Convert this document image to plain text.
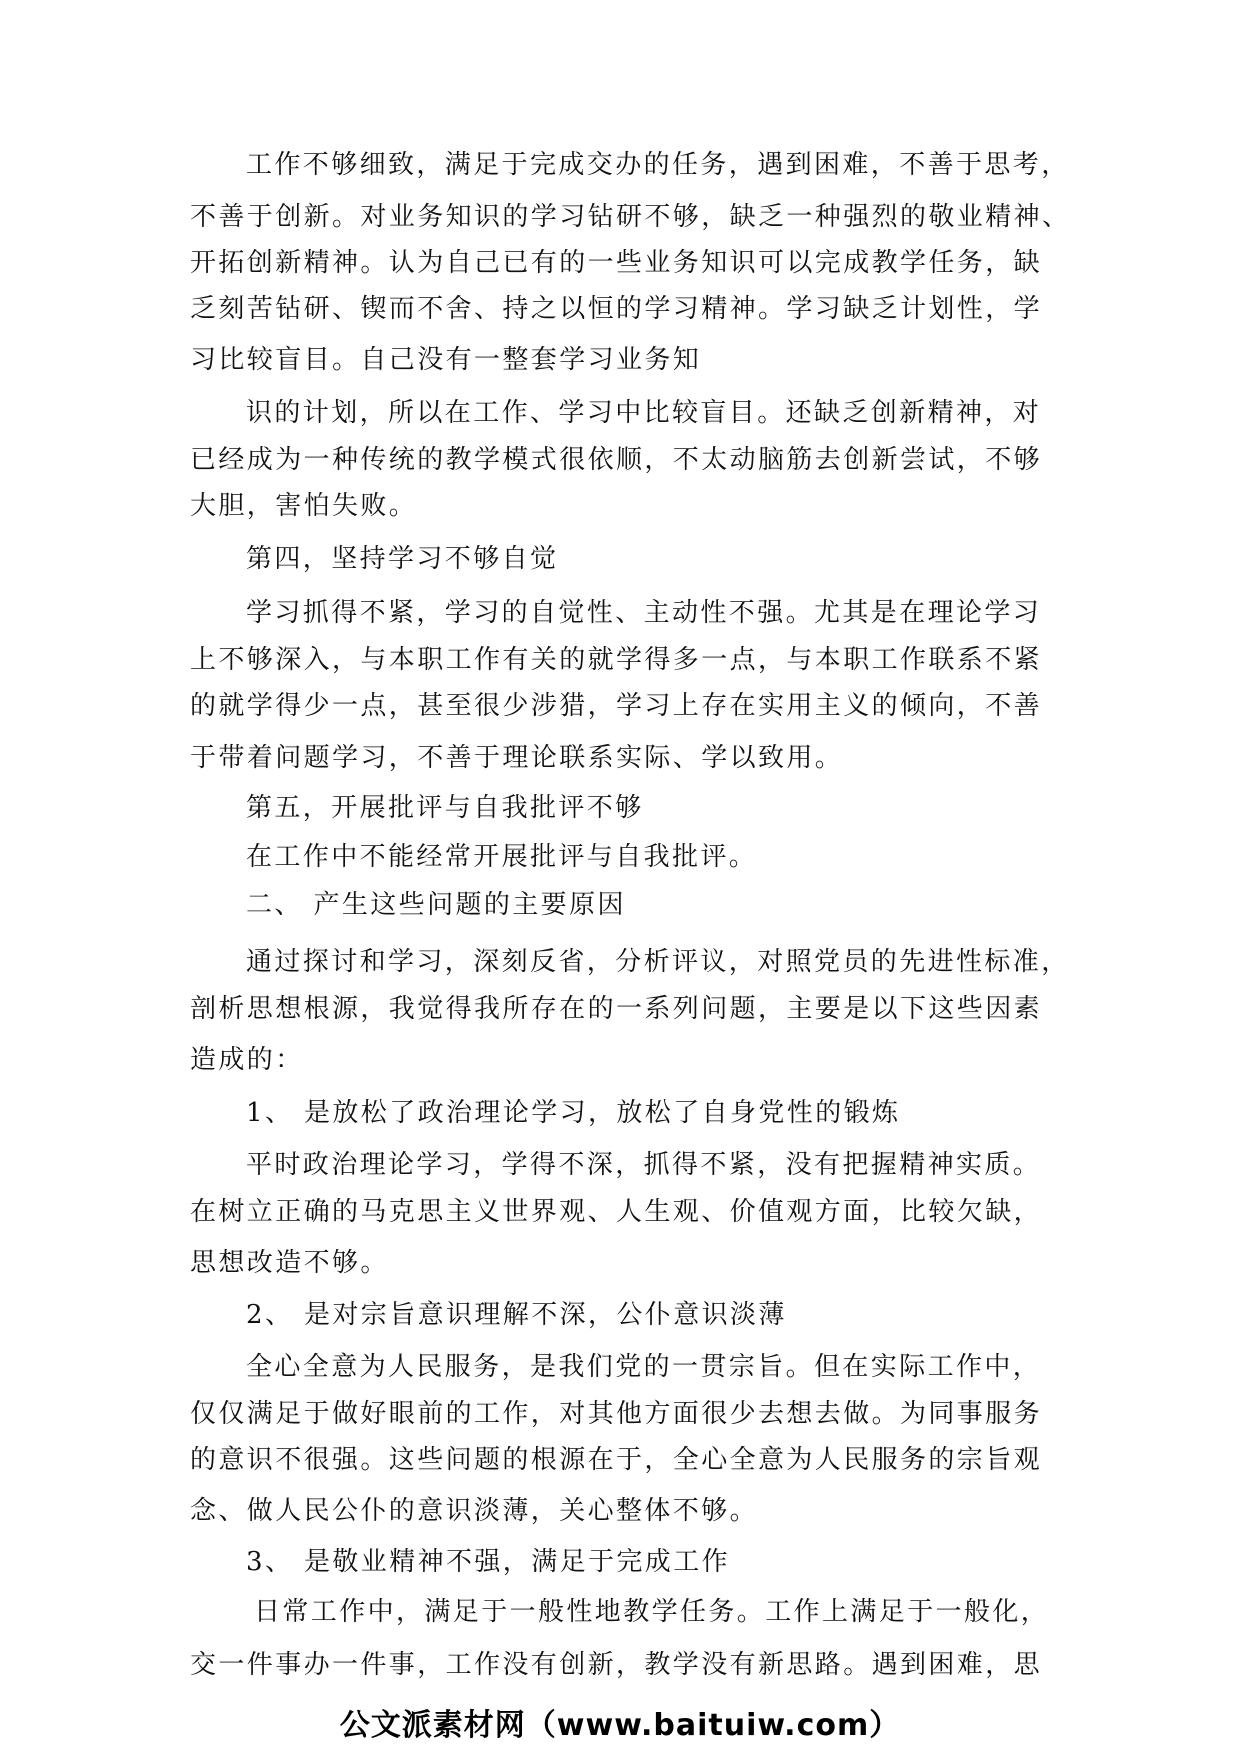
工作不够细致，满足于完成交办的任务，遇到困难，不善于思考，
不善于创新。对业务知识的学习钻研不够，缺乏一种强烈的敬业精神、
开拓创新精神。认为自己已有的一些业务知识可以完成教学任务，缺
乏刻苦钻研、锲而不舍、持之以恒的学习精神。学习缺乏计划性，学
习比较盲目。自己没有一整套学习业务知
识的计划，所以在工作、学习中比较盲目。还缺乏创新精神，对
已经成为一种传统的教学模式很依顺，不太动脑筋去创新尝试，不够
大胆，害怕失败。
第四，坚持学习不够自觉
学习抓得不紧，学习的自觉性、主动性不强。尤其是在理论学习
上不够深入，与本职工作有关的就学得多一点，与本职工作联系不紧
的就学得少一点，甚至很少涉猎，学习上存在实用主义的倾向，不善
于带着问题学习，不善于理论联系实际、学以致用。
第五，开展批评与自我批评不够
在工作中不能经常开展批评与自我批评。
二、 产生这些问题的主要原因
通过探讨和学习，深刻反省，分析评议，对照党员的先进性标准，
剖析思想根源，我觉得我所存在的一系列问题，主要是以下这些因素
造成的：
1、 是放松了政治理论学习，放松了自身党性的锻炼
平时政治理论学习，学得不深，抓得不紧，没有把握精神实质。
在树立正确的马克思主义世界观、人生观、价值观方面，比较欠缺，
思想改造不够。
2、 是对宗旨意识理解不深，公仆意识淡薄
全心全意为人民服务，是我们党的一贯宗旨。但在实际工作中，
仅仅满足于做好眼前的工作，对其他方面很少去想去做。为同事服务
的意识不很强。这些问题的根源在于，全心全意为人民服务的宗旨观
念、做人民公仆的意识淡薄，关心整体不够。
3、 是敬业精神不强，满足于完成工作
日常工作中，满足于一般性地教学任务。工作上满足于一般化，
交一件事办一件事，工作没有创新，教学没有新思路。遇到困难，思
公文派素材网（www.baituiw.com）
